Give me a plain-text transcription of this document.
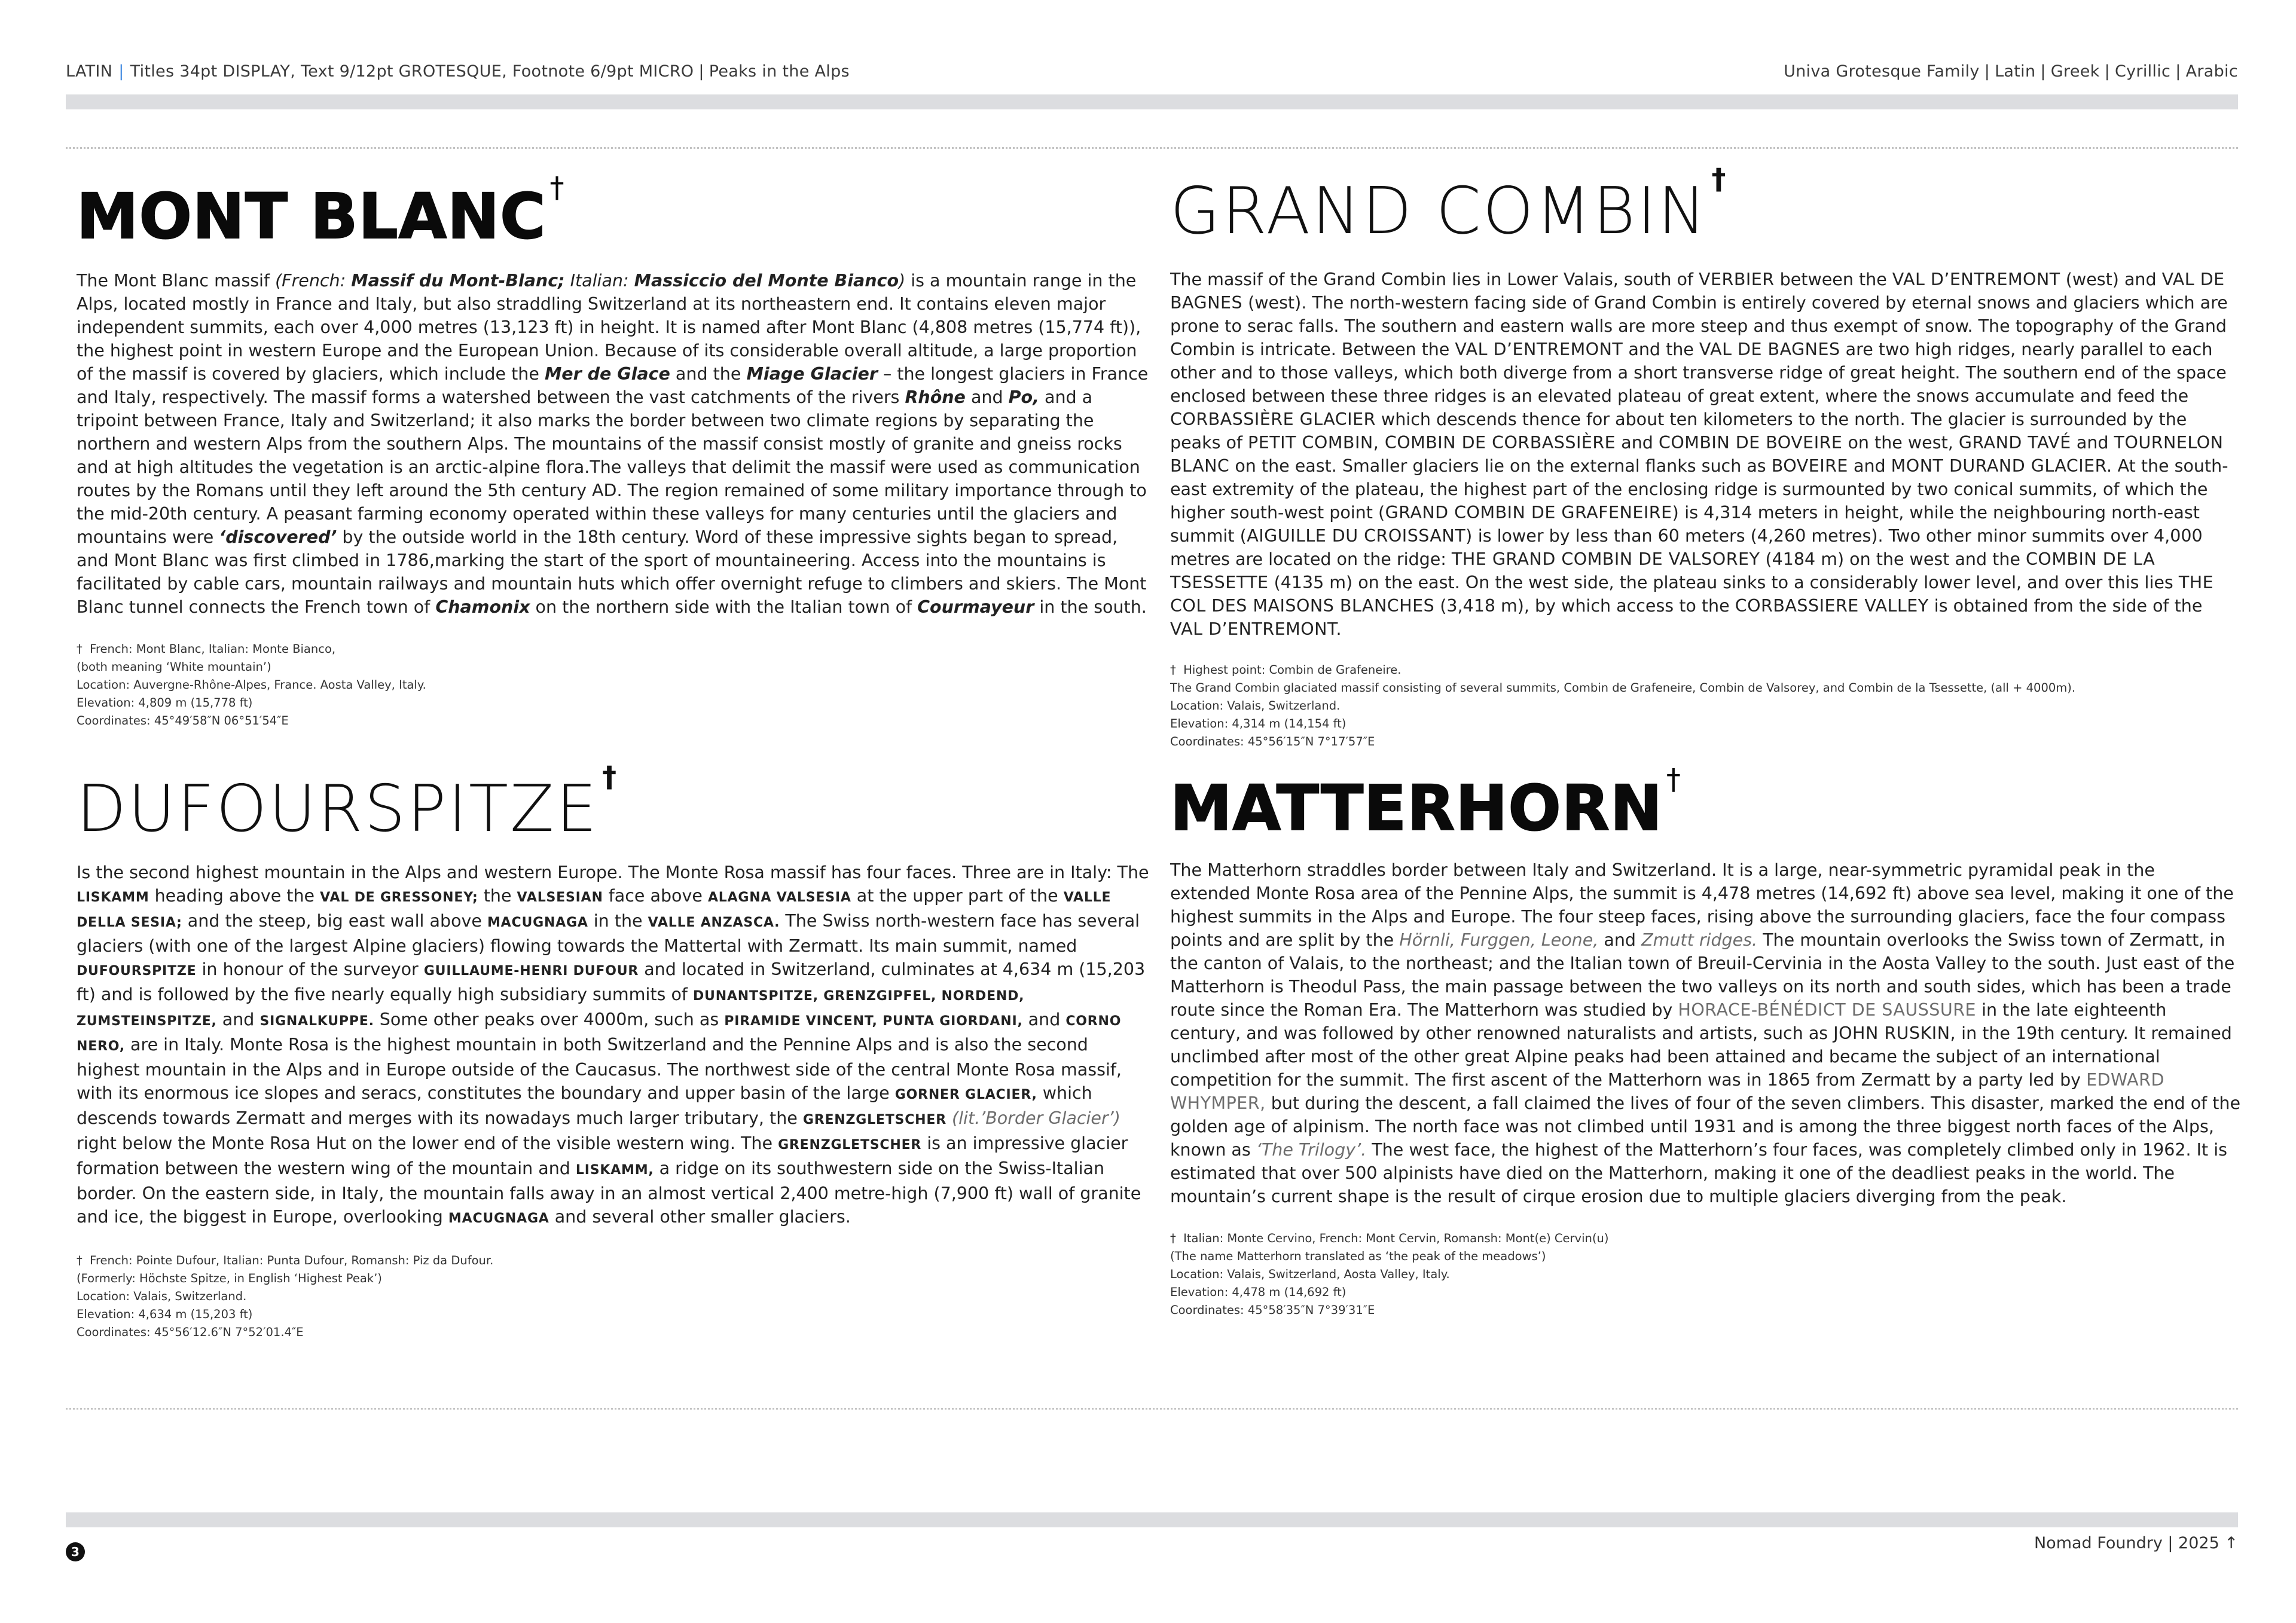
LATIN | Titles 34pt DISPLAY, Text 9/12pt GROTESQUE, Footnote 6/9pt MICRO | Peaks in the Alps	Univa Grotesque Family | Latin | Greek | Cyrillic | Arabic
MONT BLANC †

The Mont Blanc massif (French: Massif du Mont-Blanc; Italian: Massiccio del Monte Bianco) is a mountain range in the Alps, located mostly in France and Italy, but also straddling Switzerland at its northeastern end. It contains eleven major independent summits, each over 4,000 metres (13,123 ft) in height. It is named after Mont Blanc (4,808 metres (15,774 ft)), the highest point in western Europe and the European Union. Because of its considerable overall altitude, a large proportion of the massif is covered by glaciers, which include the Mer de Glace and the Miage Glacier – the longest glaciers in France and Italy, respectively. The massif forms a watershed between the vast catchments of the rivers Rhône and Po, and a tripoint between France, Italy and Switzerland; it also marks the border between two climate regions by separating the northern and western Alps from the southern Alps. The mountains of the massif consist mostly of granite and gneiss rocks and at high altitudes the vegetation is an arctic-alpine flora.The valleys that delimit the massif were used as communication routes by the Romans until they left around the 5th century AD. The region remained of some military importance through to the mid-20th century. A peasant farming economy operated within these valleys for many centuries until the glaciers and mountains were ‘discovered’ by the outside world in the 18th century. Word of these impressive sights began to spread, and Mont Blanc was first climbed in 1786,marking the start of the sport of mountaineering. Access into the mountains is facilitated by cable cars, mountain railways and mountain huts which offer overnight refuge to climbers and skiers. The Mont Blanc tunnel connects the French town of Chamonix on the northern side with the Italian town of Courmayeur in the south.

† French: Mont Blanc, Italian: Monte Bianco,
(both meaning ‘White mountain’)
Location: Auvergne-Rhône-Alpes, France. Aosta Valley, Italy.
Elevation: 4,809 m (15,778 ft)
Coordinates: 45°49′58″N 06°51′54″E
GRAND COMBIN †

The massif of the Grand Combin lies in Lower Valais, south of VERBIER between the VAL D’ENTREMONT (west) and VAL DE BAGNES (west). The north-western facing side of Grand Combin is entirely covered by eternal snows and glaciers which are prone to serac falls. The southern and eastern walls are more steep and thus exempt of snow. The topography of the Grand Combin is intricate. Between the VAL D’ENTREMONT and the VAL DE BAGNES are two high ridges, nearly parallel to each other and to those valleys, which both diverge from a short transverse ridge of great height. The southern end of the space enclosed between these three ridges is an elevated plateau of great extent, where the snows accumulate and feed the CORBASSIÈRE GLACIER which descends thence for about ten kilometers to the north. The glacier is surrounded by the peaks of PETIT COMBIN, COMBIN DE CORBASSIÈRE and COMBIN DE BOVEIRE on the west, GRAND TAVÉ and TOURNELON BLANC on the east. Smaller glaciers lie on the external flanks such as BOVEIRE and MONT DURAND GLACIER. At the south-east extremity of the plateau, the highest part of the enclosing ridge is surmounted by two conical summits, of which the higher south-west point (GRAND COMBIN DE GRAFENEIRE) is 4,314 meters in height, while the neighbouring north-east summit (AIGUILLE DU CROISSANT) is lower by less than 60 meters (4,260 metres). Two other minor summits over 4,000 metres are located on the ridge: THE GRAND COMBIN DE VALSOREY (4184 m) on the west and the COMBIN DE LA TSESSETTE (4135 m) on the east. On the west side, the plateau sinks to a considerably lower level, and over this lies THE COL DES MAISONS BLANCHES (3,418 m), by which access to the CORBASSIERE VALLEY is obtained from the side of the VAL D’ENTREMONT.

† Highest point: Combin de Grafeneire.
The Grand Combin glaciated massif consisting of several summits, Combin de Grafeneire, Combin de Valsorey, and Combin de la Tsessette, (all + 4000m).
Location: Valais, Switzerland.
Elevation: 4,314 m (14,154 ft)
Coordinates: 45°56′15″N 7°17′57″E
DUFOURSPITZE †

Is the second highest mountain in the Alps and western Europe. The Monte Rosa massif has four faces. Three are in Italy: The LISKAMM heading above the VAL DE GRESSONEY; the VALSESIAN face above ALAGNA VALSESIA at the upper part of the VALLE DELLA SESIA; and the steep, big east wall above MACUGNAGA in the VALLE ANZASCA. The Swiss north-western face has several glaciers (with one of the largest Alpine glaciers) flowing towards the Mattertal with Zermatt. Its main summit, named DUFOURSPITZE in honour of the surveyor GUILLAUME-HENRI DUFOUR and located in Switzerland, culminates at 4,634 m (15,203 ft) and is followed by the five nearly equally high subsidiary summits of DUNANTSPITZE, GRENZGIPFEL, NORDEND, ZUMSTEINSPITZE, and SIGNALKUPPE. Some other peaks over 4000m, such as PIRAMIDE VINCENT, PUNTA GIORDANI, and CORNO NERO, are in Italy. Monte Rosa is the highest mountain in both Switzerland and the Pennine Alps and is also the second highest mountain in the Alps and in Europe outside of the Caucasus. The northwest side of the central Monte Rosa massif, with its enormous ice slopes and seracs, constitutes the boundary and upper basin of the large GORNER GLACIER, which descends towards Zermatt and merges with its nowadays much larger tributary, the GRENZGLETSCHER (lit.’Border Glacier’) right below the Monte Rosa Hut on the lower end of the visible western wing. The GRENZGLETSCHER is an impressive glacier formation between the western wing of the mountain and LISKAMM, a ridge on its southwestern side on the Swiss-Italian border. On the eastern side, in Italy, the mountain falls away in an almost vertical 2,400 metre-high (7,900 ft) wall of granite and ice, the biggest in Europe, overlooking MACUGNAGA and several other smaller glaciers.

† French: Pointe Dufour, Italian: Punta Dufour, Romansh: Piz da Dufour.
(Formerly: Höchste Spitze, in English ‘Highest Peak’)
Location: Valais, Switzerland.
Elevation: 4,634 m (15,203 ft)
Coordinates: 45°56′12.6″N 7°52′01.4″E
MATTERHORN †

The Matterhorn straddles border between Italy and Switzerland. It is a large, near-symmetric pyramidal peak in the extended Monte Rosa area of the Pennine Alps, the summit is 4,478 metres (14,692 ft) above sea level, making it one of the highest summits in the Alps and Europe. The four steep faces, rising above the surrounding glaciers, face the four compass points and are split by the Hörnli, Furggen, Leone, and Zmutt ridges. The mountain overlooks the Swiss town of Zermatt, in the canton of Valais, to the northeast; and the Italian town of Breuil-Cervinia in the Aosta Valley to the south. Just east of the Matterhorn is Theodul Pass, the main passage between the two valleys on its north and south sides, which has been a trade route since the Roman Era. The Matterhorn was studied by HORACE-BÉNÉDICT DE SAUSSURE in the late eighteenth century, and was followed by other renowned naturalists and artists, such as JOHN RUSKIN, in the 19th century. It remained unclimbed after most of the other great Alpine peaks had been attained and became the subject of an international competition for the summit. The first ascent of the Matterhorn was in 1865 from Zermatt by a party led by EDWARD WHYMPER, but during the descent, a fall claimed the lives of four of the seven climbers. This disaster, marked the end of the golden age of alpinism. The north face was not climbed until 1931 and is among the three biggest north faces of the Alps, known as ‘The Trilogy’. The west face, the highest of the Matterhorn’s four faces, was completely climbed only in 1962. It is estimated that over 500 alpinists have died on the Matterhorn, making it one of the deadliest peaks in the world. The mountain’s current shape is the result of cirque erosion due to multiple glaciers diverging from the peak.

† Italian: Monte Cervino, French: Mont Cervin, Romansh: Mont(e) Cervin(u)
(The name Matterhorn translated as ‘the peak of the meadows’)
Location: Valais, Switzerland, Aosta Valley, Italy.
Elevation: 4,478 m (14,692 ft)
Coordinates: 45°58′35″N 7°39′31″E
3	Nomad Foundry | 2025 ↑
